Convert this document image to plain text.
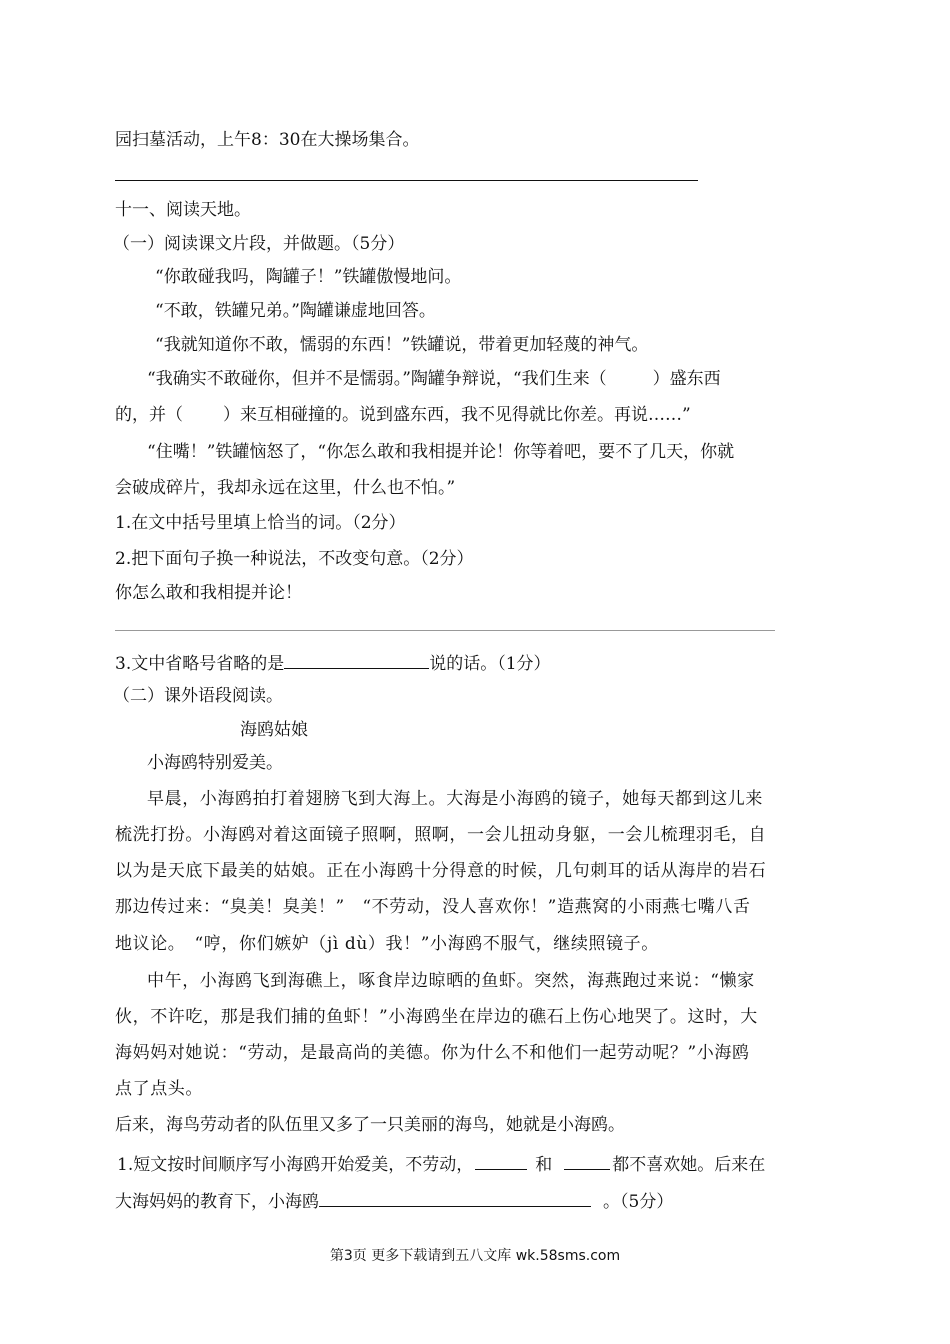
园扫墓活动，上午8：30在大操场集合。
十一、阅读天地。
（一）阅读课文片段，并做题。（5分）
“你敢碰我吗，陶罐子！”铁罐傲慢地问。
“不敢，铁罐兄弟。”陶罐谦虚地回答。
“我就知道你不敢，懦弱的东西！”铁罐说，带着更加轻蔑的神气。
“我确实不敢碰你，但并不是懦弱。”陶罐争辩说，“我们生来（	）盛东西
的，并（ ）来互相碰撞的。说到盛东西，我不见得就比你差。再说……”
“住嘴！”铁罐恼怒了，“你怎么敢和我相提并论！你等着吧，要不了几天，你就
会破成碎片，我却永远在这里，什么也不怕。”
1.在文中括号里填上恰当的词。（2分）
2.把下面句子换一种说法，不改变句意。（2分）
你怎么敢和我相提并论！
3.文中省略号省略的是	说的话。（1分）
（二）课外语段阅读。
海鸥姑娘
小海鸥特别爱美。
早晨，小海鸥拍打着翅膀飞到大海上。大海是小海鸥的镜子，她每天都到这儿来
梳洗打扮。小海鸥对着这面镜子照啊，照啊，一会儿扭动身躯，一会儿梳理羽毛，自
以为是天底下最美的姑娘。正在小海鸥十分得意的时候，几句刺耳的话从海岸的岩石
那边传过来：“臭美！臭美！”　“不劳动，没人喜欢你！”造燕窝的小雨燕七嘴八舌
地议论。　“哼，你们嫉妒（jì dù）我！”小海鸥不服气，继续照镜子。
中午，小海鸥飞到海礁上，啄食岸边晾晒的鱼虾。突然，海燕跑过来说：“懒家
伙，不许吃，那是我们捕的鱼虾！”小海鸥坐在岸边的礁石上伤心地哭了。这时，大
海妈妈对她说：“劳动，是最高尚的美德。你为什么不和他们一起劳动呢？”小海鸥
点了点头。
后来，海鸟劳动者的队伍里又多了一只美丽的海鸟，她就是小海鸥。
1.短文按时间顺序写小海鸥开始爱美，不劳动，	和	都不喜欢她。后来在
大海妈妈的教育下，小海鸥	。（5分）
第3页 更多下载请到五八文库 wk.58sms.com
